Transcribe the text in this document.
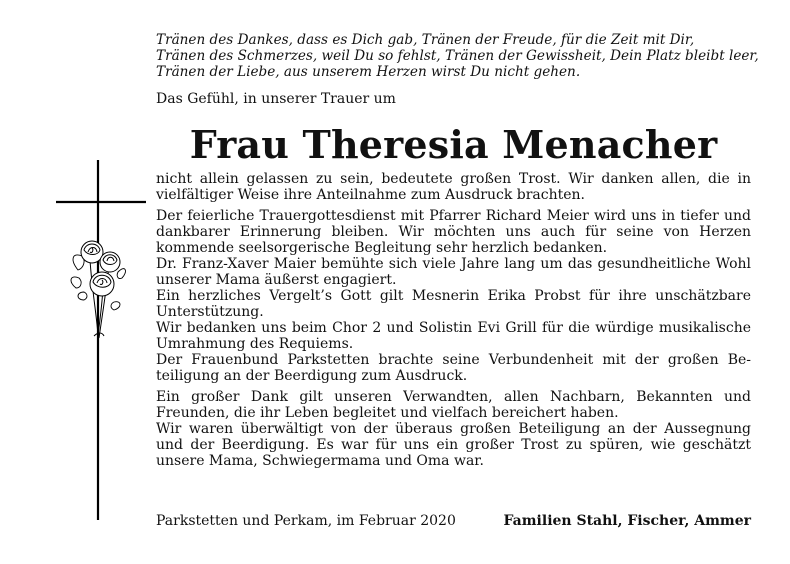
Tränen des Dankes, dass es Dich gab, Tränen der Freude, für die Zeit mit Dir,
Tränen des Schmerzes, weil Du so fehlst, Tränen der Gewissheit, Dein Platz bleibt leer,
Tränen der Liebe, aus unserem Herzen wirst Du nicht gehen.
Das Gefühl, in unserer Trauer um
Frau Theresia Menacher

nicht allein gelassen zu sein, bedeutete großen Trost. Wir danken allen, die in vielfältiger Weise ihre Anteilnahme zum Ausdruck brachten.

Der feierliche Trauergottesdienst mit Pfarrer Richard Meier wird uns in tiefer und dankbarer Erinnerung bleiben. Wir möchten uns auch für seine von Herzen kommende seelsorgerische Begleitung sehr herzlich bedanken.

Dr. Franz-Xaver Maier bemühte sich viele Jahre lang um das gesundheitliche Wohl unserer Mama äußerst engagiert.

Ein herzliches Vergelt’s Gott gilt Mesnerin Erika Probst für ihre unschätzbare Unterstützung.

Wir bedanken uns beim Chor 2 und Solistin Evi Grill für die würdige musikalische Umrahmung des Requiems.

Der Frauenbund Parkstetten brachte seine Verbundenheit mit der großen Beteiligung an der Beerdigung zum Ausdruck.

Ein großer Dank gilt unseren Verwandten, allen Nachbarn, Bekannten und Freunden, die ihr Leben begleitet und vielfach bereichert haben.

Wir waren überwältigt von der überaus großen Beteiligung an der Aussegnung und der Beerdigung. Es war für uns ein großer Trost zu spüren, wie geschätzt unsere Mama, Schwiegermama und Oma war.

Parkstetten und Perkam, im Februar 2020	Familien Stahl, Fischer, Ammer
